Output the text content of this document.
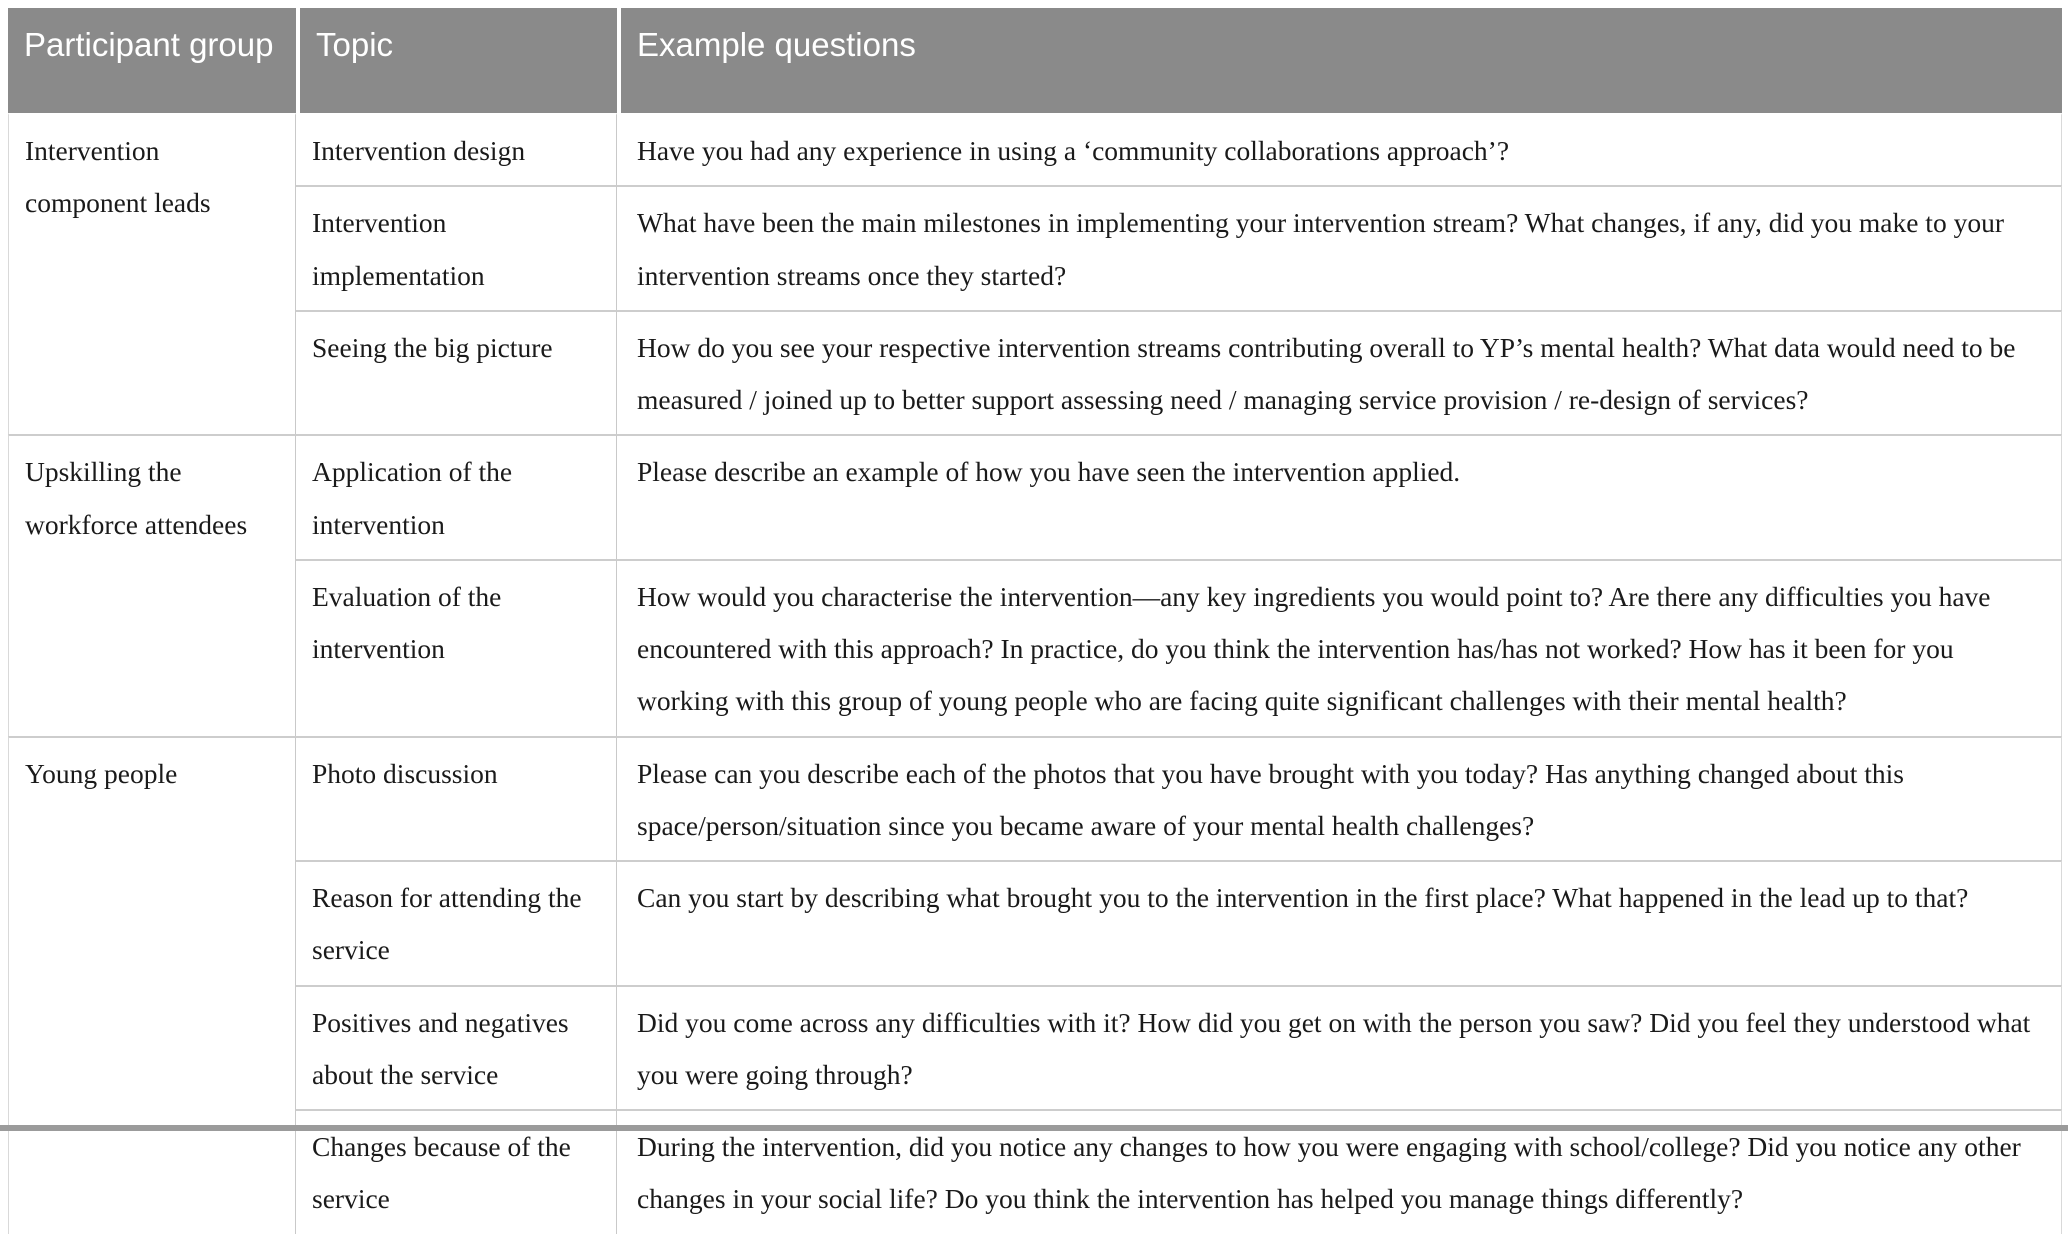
Participant group	Topic	Example questions
Intervention component leads	Intervention design	Have you had any experience in using a ‘community collaborations approach’?
	Intervention implementation	What have been the main milestones in implementing your intervention stream? What changes, if any, did you make to your intervention streams once they started?
	Seeing the big picture	How do you see your respective intervention streams contributing overall to YP’s mental health? What data would need to be measured / joined up to better support assessing need / managing service provision / re-design of services?
Upskilling the workforce attendees	Application of the intervention	Please describe an example of how you have seen the intervention applied.
	Evaluation of the intervention	How would you characterise the intervention—any key ingredients you would point to? Are there any difficulties you have encountered with this approach? In practice, do you think the intervention has/has not worked? How has it been for you working with this group of young people who are facing quite significant challenges with their mental health?
Young people	Photo discussion	Please can you describe each of the photos that you have brought with you today? Has anything changed about this space/person/situation since you became aware of your mental health challenges?
	Reason for attending the service	Can you start by describing what brought you to the intervention in the first place? What happened in the lead up to that?
	Positives and negatives about the service	Did you come across any difficulties with it? How did you get on with the person you saw? Did you feel they understood what you were going through?
	Changes because of the service	During the intervention, did you notice any changes to how you were engaging with school/college? Did you notice any other changes in your social life? Do you think the intervention has helped you manage things differently?
